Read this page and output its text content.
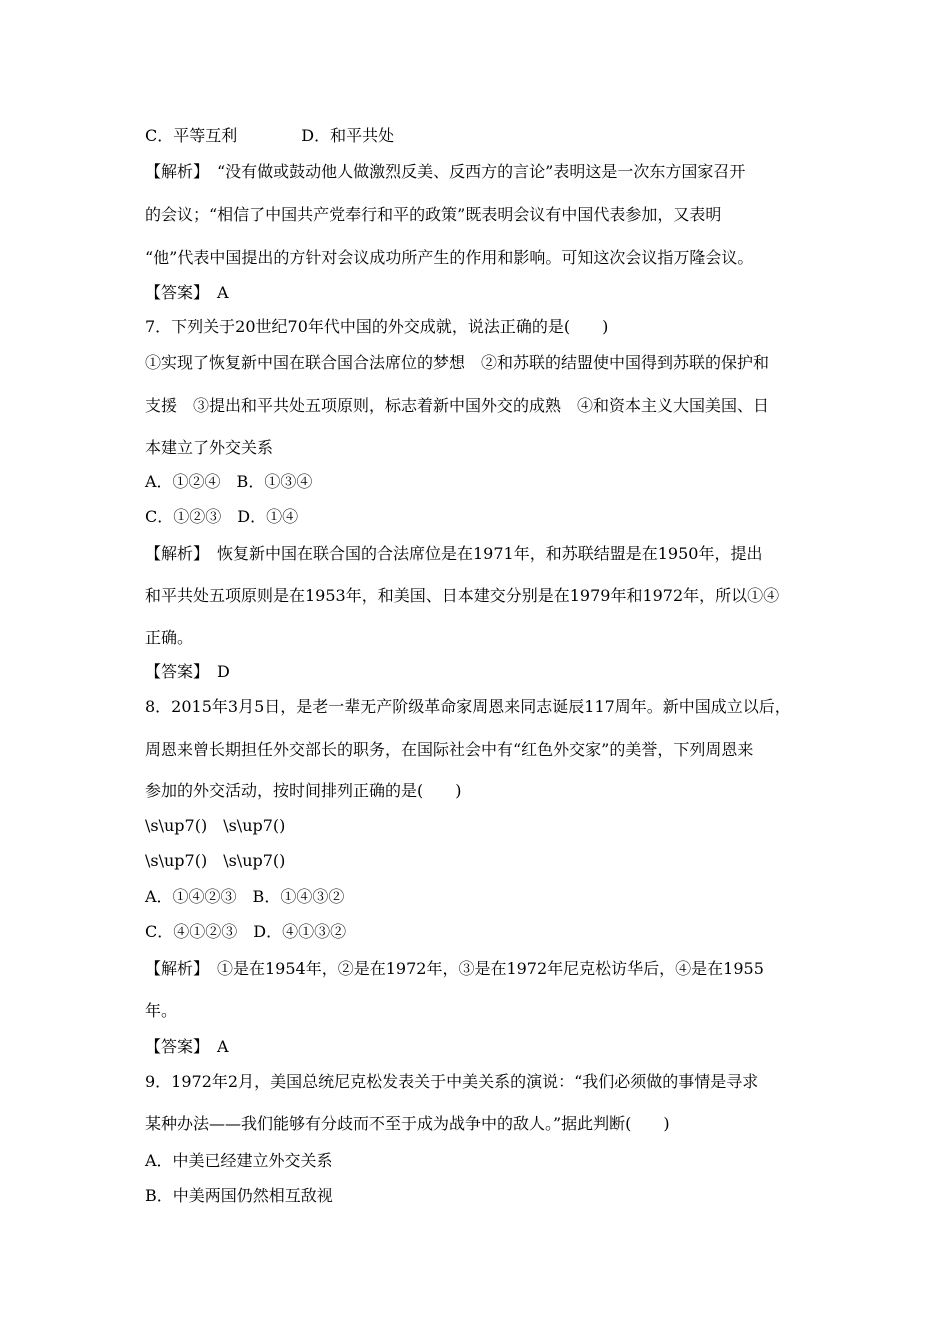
C．平等互利　　　　D．和平共处
【解析】　“没有做或鼓动他人做激烈反美、反西方的言论”表明这是一次东方国家召开
的会议；“相信了中国共产党奉行和平的政策”既表明会议有中国代表参加，又表明
“他”代表中国提出的方针对会议成功所产生的作用和影响。可知这次会议指万隆会议。
【答案】　A
7．下列关于20世纪70年代中国的外交成就，说法正确的是(　　)
①实现了恢复新中国在联合国合法席位的梦想　②和苏联的结盟使中国得到苏联的保护和
支援　③提出和平共处五项原则，标志着新中国外交的成熟　④和资本主义大国美国、日
本建立了外交关系
A．①②④　B．①③④
C．①②③　D．①④
【解析】　恢复新中国在联合国的合法席位是在1971年，和苏联结盟是在1950年，提出
和平共处五项原则是在1953年，和美国、日本建交分别是在1979年和1972年，所以①④
正确。
【答案】　D
8．2015年3月5日，是老一辈无产阶级革命家周恩来同志诞辰117周年。新中国成立以后，
周恩来曾长期担任外交部长的职务，在国际社会中有“红色外交家”的美誉，下列周恩来
参加的外交活动，按时间排列正确的是(　　)
\s\up7()　\s\up7()
\s\up7()　\s\up7()
A．①④②③　B．①④③②
C．④①②③　D．④①③②
【解析】　①是在1954年，②是在1972年，③是在1972年尼克松访华后，④是在1955
年。
【答案】　A
9．1972年2月，美国总统尼克松发表关于中美关系的演说：“我们必须做的事情是寻求
某种办法——我们能够有分歧而不至于成为战争中的敌人。”据此判断(　　)
A．中美已经建立外交关系
B．中美两国仍然相互敌视
